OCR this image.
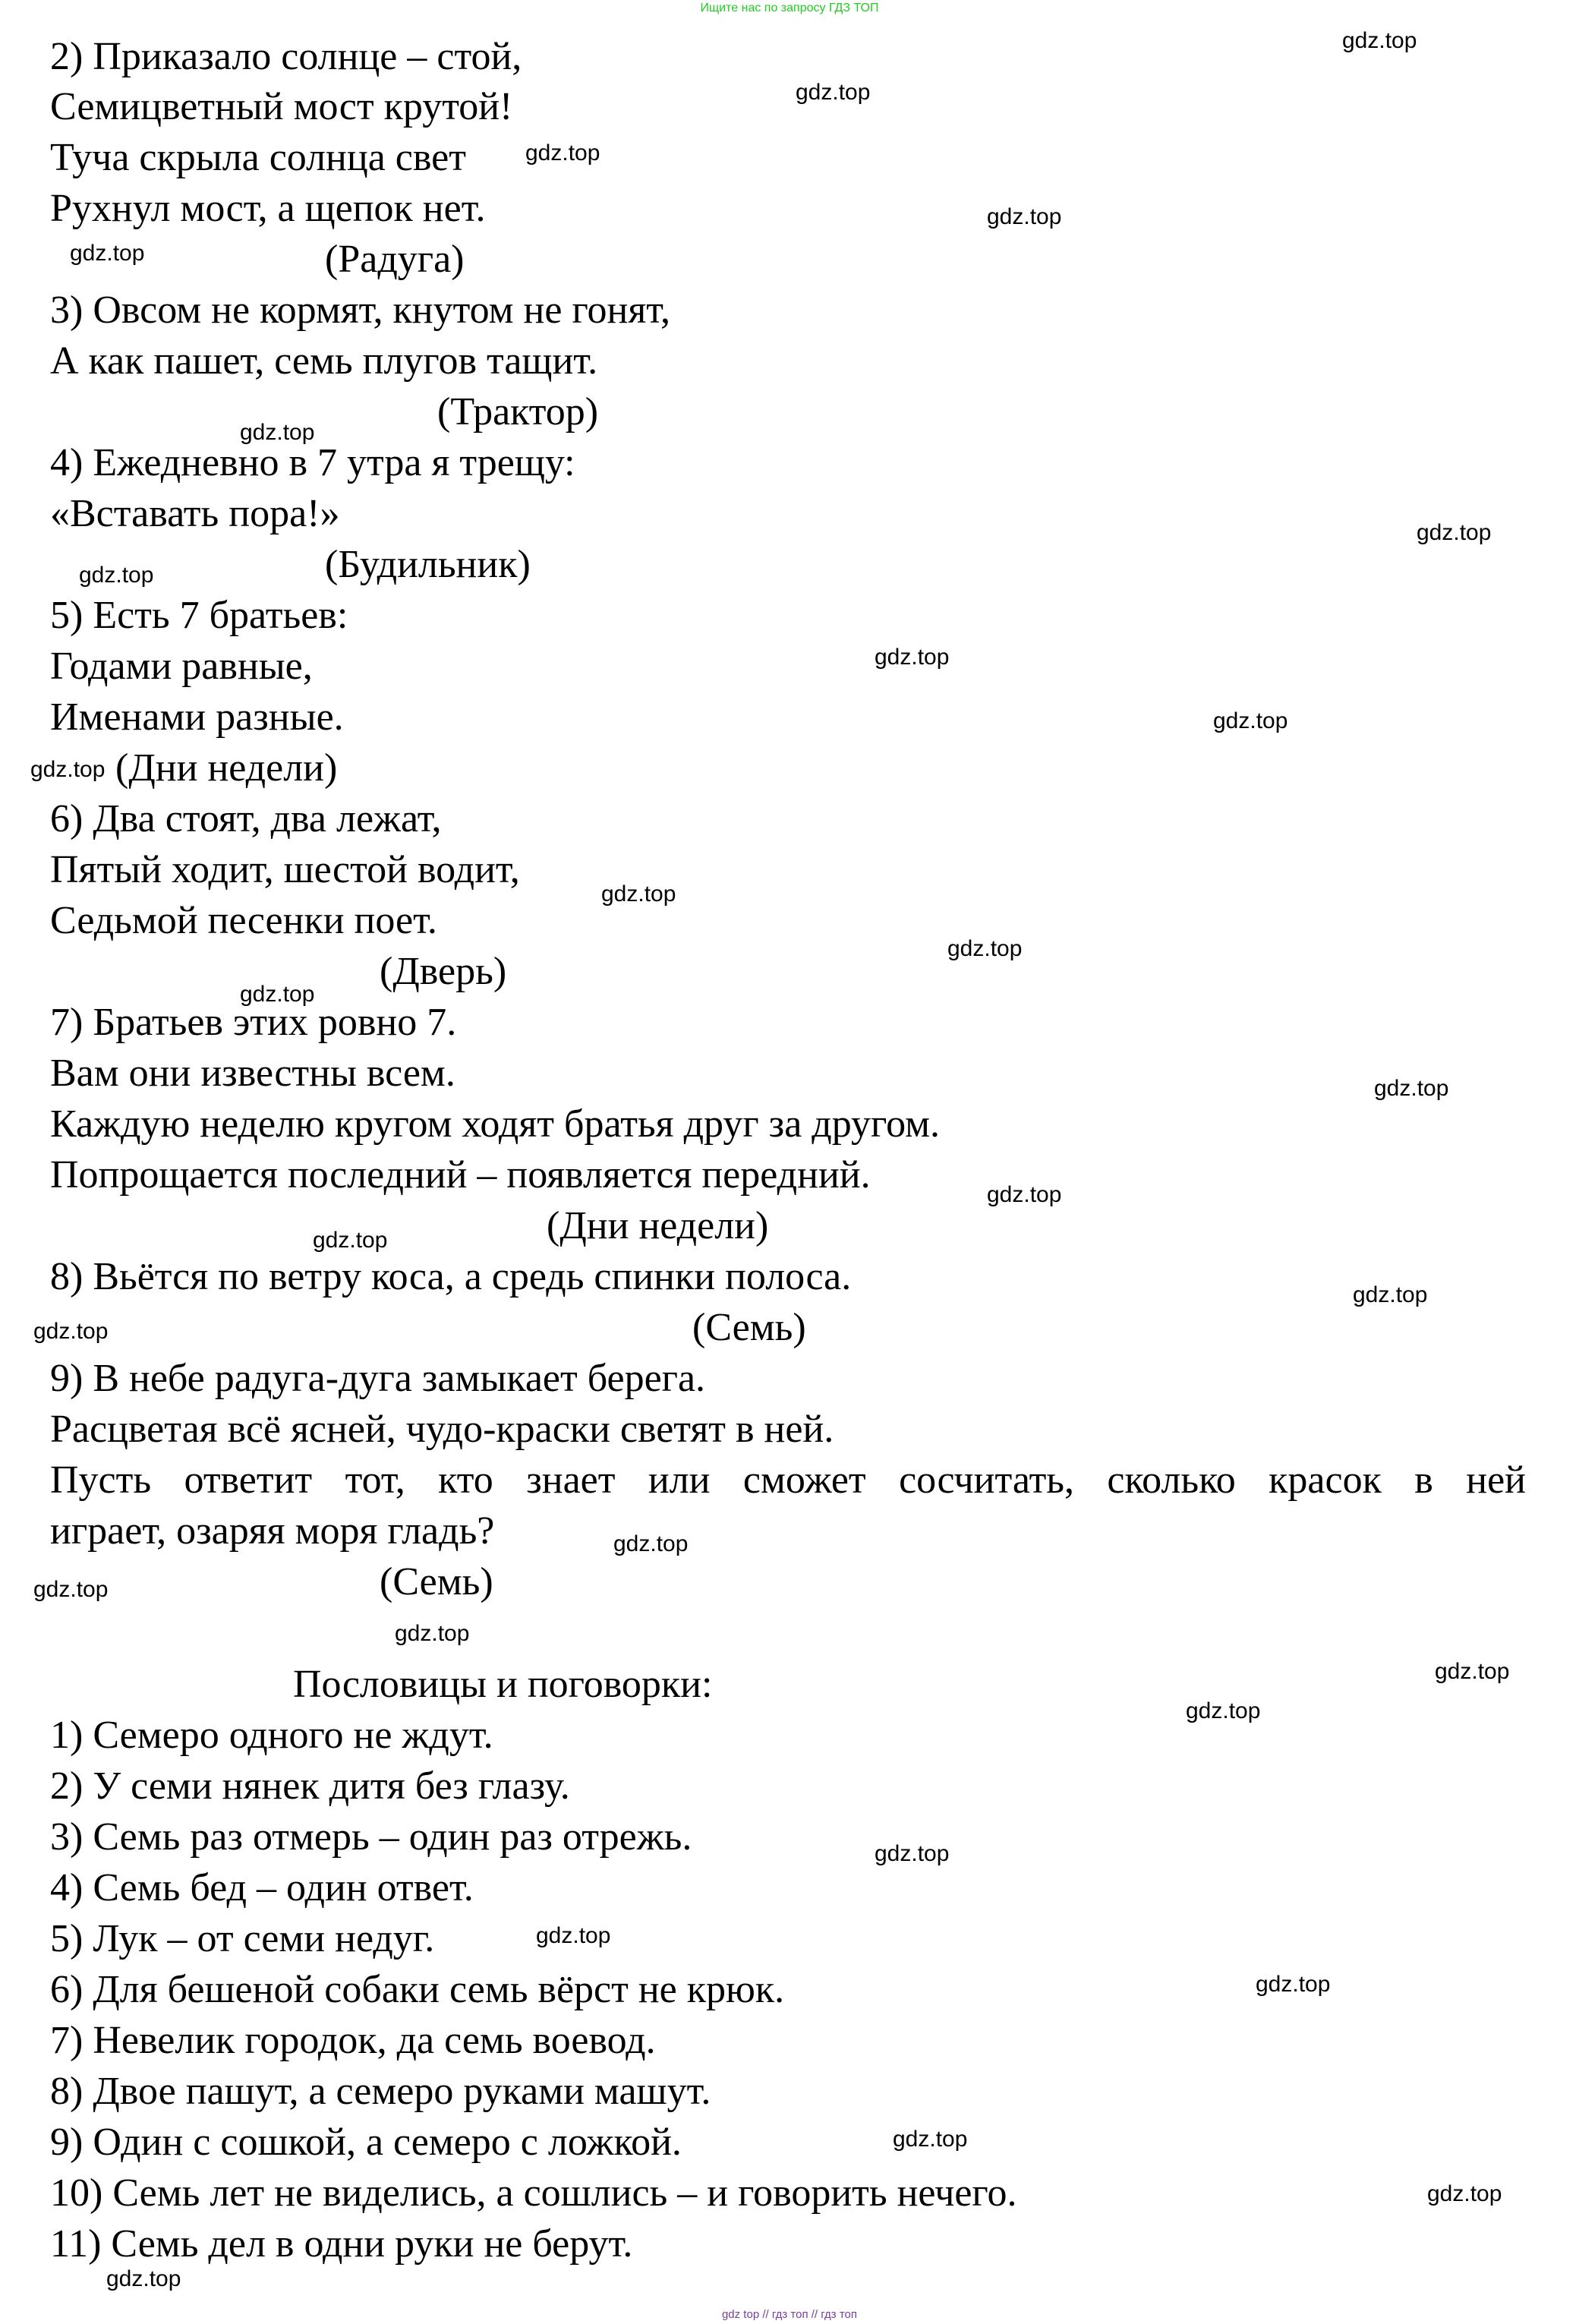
Ищите нас по запросу ГДЗ ТОП
2) Приказало солнце – стой,
Семицветный мост крутой!
Туча скрыла солнца свет
Рухнул мост, а щепок нет.
(Радуга)
3) Овсом не кормят, кнутом не гонят,
А как пашет, семь плугов тащит.
(Трактор)
4) Ежедневно в 7 утра я трещу:
«Вставать пора!»
(Будильник)
5) Есть 7 братьев:
Годами равные,
Именами разные.
(Дни недели)
6) Два стоят, два лежат,
Пятый ходит, шестой водит,
Седьмой песенки поет.
(Дверь)
7) Братьев этих ровно 7.
Вам они известны всем.
Каждую неделю кругом ходят братья друг за другом.
Попрощается последний – появляется передний.
(Дни недели)
8) Вьётся по ветру коса, а средь спинки полоса.
(Семь)
9) В небе радуга-дуга замыкает берега.
Расцветая всё ясней, чудо-краски светят в ней.
Пусть ответит тот, кто знает или сможет сосчитать, сколько красок в ней
играет, озаряя моря гладь?
(Семь)
Пословицы и поговорки:
1) Семеро одного не ждут.
2) У семи нянек дитя без глазу.
3) Семь раз отмерь – один раз отрежь.
4) Семь бед – один ответ.
5) Лук – от семи недуг.
6) Для бешеной собаки семь вёрст не крюк.
7) Невелик городок, да семь воевод.
8) Двое пашут, а семеро руками машут.
9) Один с сошкой, а семеро с ложкой.
10) Семь лет не виделись, а сошлись – и говорить нечего.
11) Семь дел в одни руки не берут.
gdz.top
gdz.top
gdz.top
gdz.top
gdz.top
gdz.top
gdz.top
gdz.top
gdz.top
gdz.top
gdz.top
gdz.top
gdz.top
gdz.top
gdz.top
gdz.top
gdz.top
gdz.top
gdz.top
gdz.top
gdz.top
gdz.top
gdz.top
gdz.top
gdz.top
gdz.top
gdz.top
gdz.top
gdz.top
gdz.top
gdz top // гдз топ // гдз топ
